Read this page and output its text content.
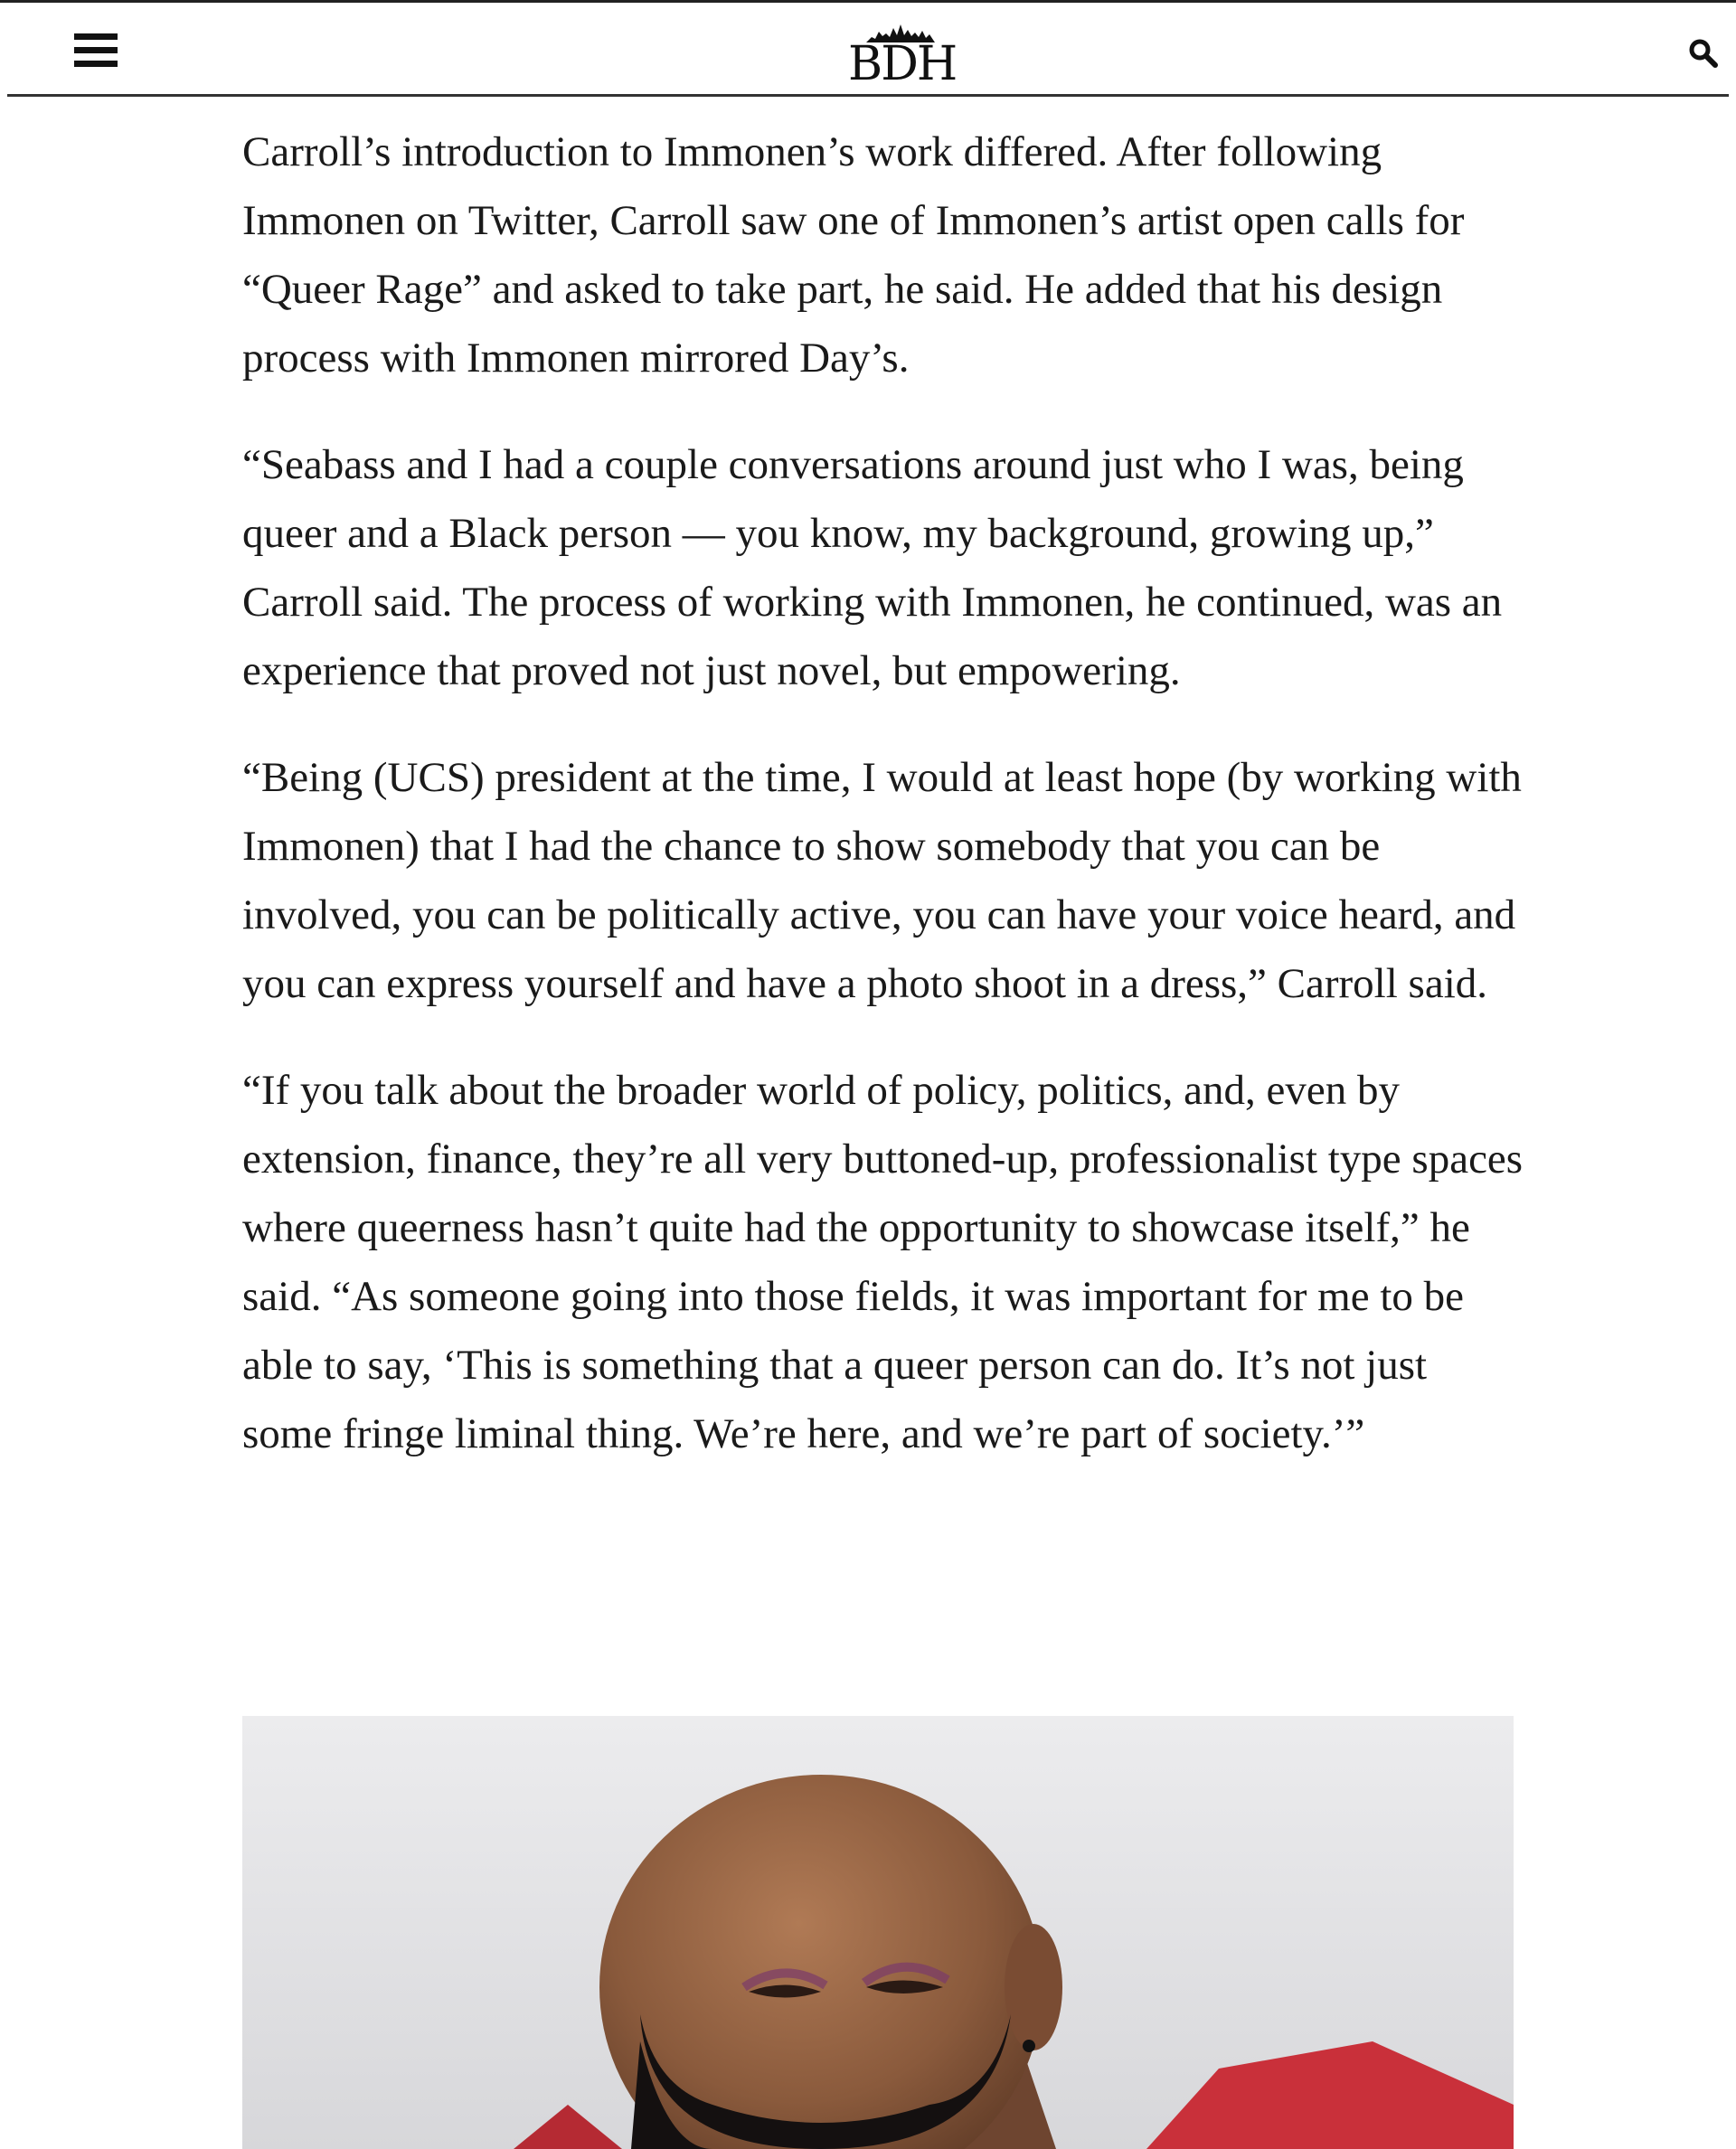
BDH

Carroll’s introduction to Immonen’s work differed. After following Immonen on Twitter, Carroll saw one of Immonen’s artist open calls for “Queer Rage” and asked to take part, he said. He added that his design process with Immonen mirrored Day’s.

“Seabass and I had a couple conversations around just who I was, being queer and a Black person — you know, my background, growing up,” Carroll said. The process of working with Immonen, he continued, was an experience that proved not just novel, but empowering.

“Being (UCS) president at the time, I would at least hope (by working with Immonen) that I had the chance to show somebody that you can be involved, you can be politically active, you can have your voice heard, and you can express yourself and have a photo shoot in a dress,” Carroll said.

“If you talk about the broader world of policy, politics, and, even by extension, finance, they’re all very buttoned-up, professionalist type spaces where queerness hasn’t quite had the opportunity to showcase itself,” he said. “As someone going into those fields, it was important for me to be able to say, ‘This is something that a queer person can do. It’s not just some fringe liminal thing. We’re here, and we’re part of society.’”
